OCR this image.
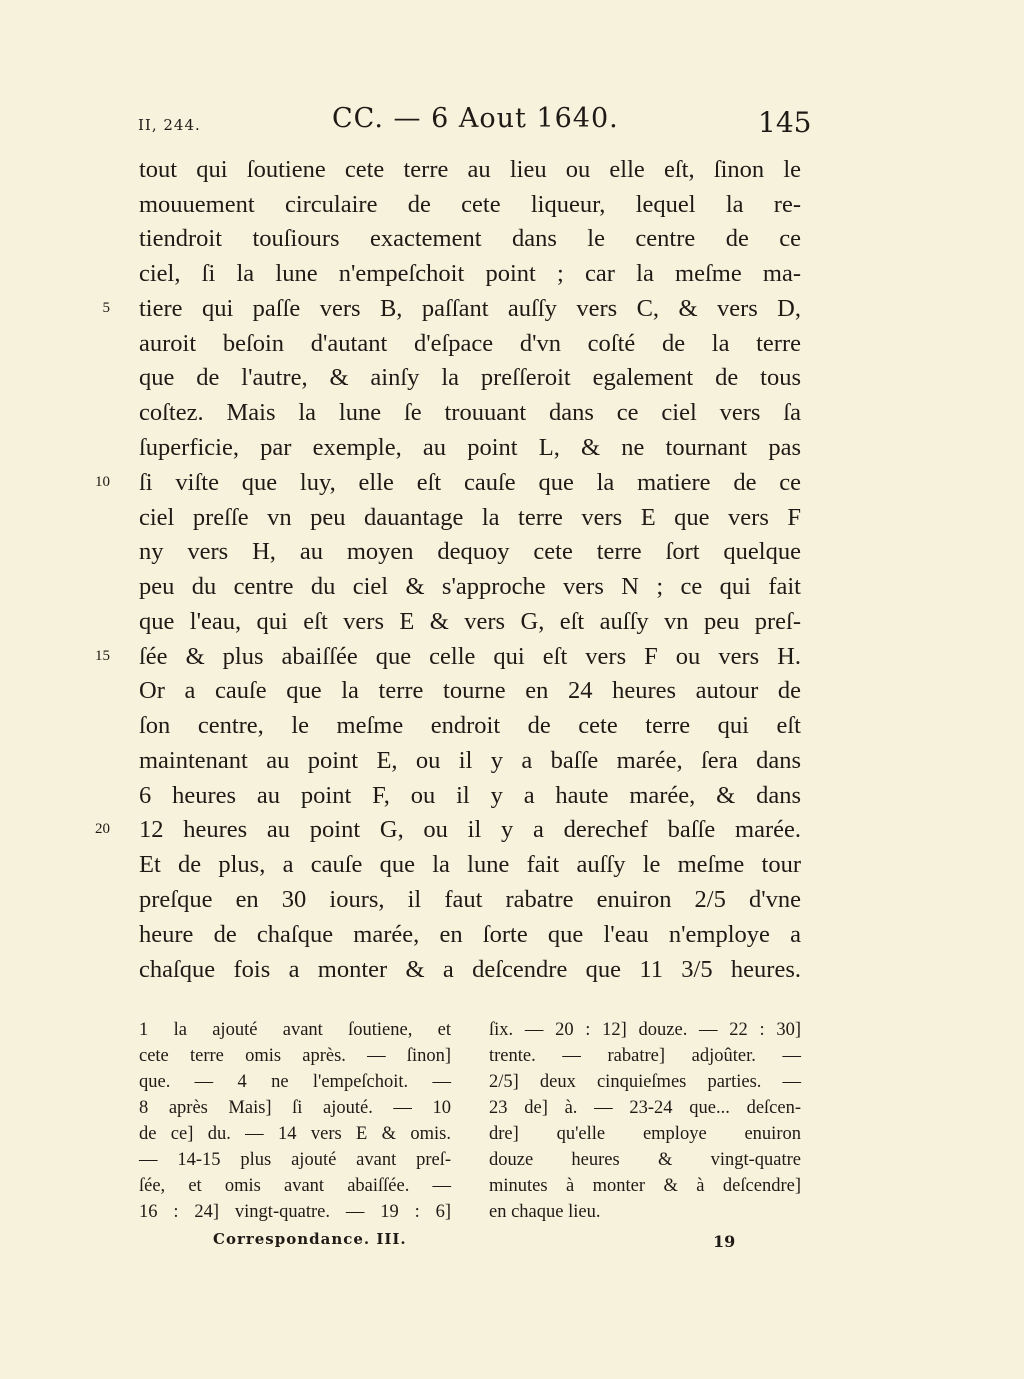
II, 244.	CC. — 6 Aout 1640.	145
tout qui ſoutiene cete terre au lieu ou elle eſt, ſinon le
mouuement circulaire de cete liqueur, lequel la re-
tiendroit touſiours exactement dans le centre de ce
ciel, ſi la lune n'empeſchoit point ; car la meſme ma-
tiere qui paſſe vers B, paſſant auſſy vers C, & vers D,
auroit beſoin d'autant d'eſpace d'vn coſté de la terre
que de l'autre, & ainſy la preſſeroit egalement de tous
coſtez. Mais la lune ſe trouuant dans ce ciel vers ſa
ſuperficie, par exemple, au point L, & ne tournant pas
ſi viſte que luy, elle eſt cauſe que la matiere de ce
ciel preſſe vn peu dauantage la terre vers E que vers F
ny vers H, au moyen dequoy cete terre ſort quelque
peu du centre du ciel & s'approche vers N ; ce qui fait
que l'eau, qui eſt vers E & vers G, eſt auſſy vn peu preſ-
ſée & plus abaiſſée que celle qui eſt vers F ou vers H.
Or a cauſe que la terre tourne en 24 heures autour de
ſon centre, le meſme endroit de cete terre qui eſt
maintenant au point E, ou il y a baſſe marée, ſera dans
6 heures au point F, ou il y a haute marée, & dans
12 heures au point G, ou il y a derechef baſſe marée.
Et de plus, a cauſe que la lune fait auſſy le meſme tour
preſque en 30 iours, il faut rabatre enuiron 2/5 d'vne
heure de chaſque marée, en ſorte que l'eau n'employe a
chaſque fois a monter & a deſcendre que 11 3/5 heures.
5
10
15
20
1 la ajouté avant ſoutiene, et
cete terre omis après. — ſinon]
que. — 4 ne l'empeſchoit. —
8 après Mais] ſi ajouté. — 10
de ce] du. — 14 vers E & omis.
— 14-15 plus ajouté avant preſ-
ſée, et omis avant abaiſſée. —
16 : 24] vingt-quatre. — 19 : 6]
ſix. — 20 : 12] douze. — 22 : 30]
trente. — rabatre] adjoûter. —
2/5] deux cinquieſmes parties. —
23 de] à. — 23-24 que... deſcen-
dre] qu'elle employe enuiron
douze heures & vingt-quatre
minutes à monter & à deſcendre]
en chaque lieu.
Correspondance. III.	19
